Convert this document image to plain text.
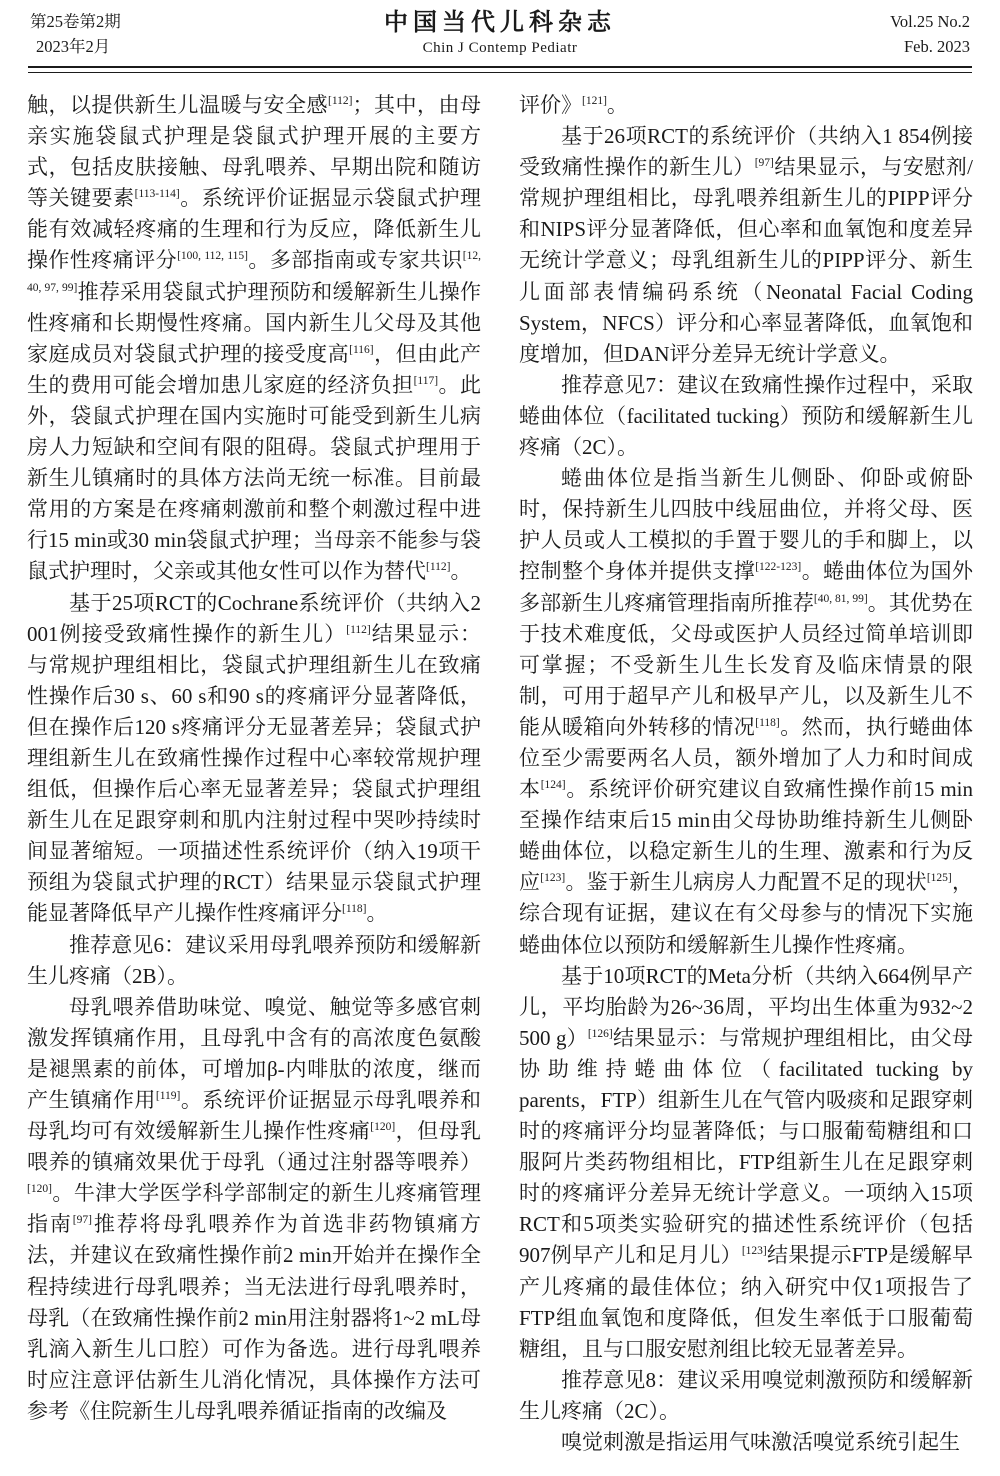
第25卷第2期
2023年2月
中国当代儿科杂志
Chin J Contemp Pediatr
Vol.25 No.2
Feb. 2023

触，以提供新生儿温暖与安全感[112]；其中，由母亲实施袋鼠式护理是袋鼠式护理开展的主要方式，包括皮肤接触、母乳喂养、早期出院和随访等关键要素[113-114]。系统评价证据显示袋鼠式护理能有效减轻疼痛的生理和行为反应，降低新生儿操作性疼痛评分[100, 112, 115]。多部指南或专家共识[12, 40, 97, 99]推荐采用袋鼠式护理预防和缓解新生儿操作性疼痛和长期慢性疼痛。国内新生儿父母及其他家庭成员对袋鼠式护理的接受度高[116]，但由此产生的费用可能会增加患儿家庭的经济负担[117]。此外，袋鼠式护理在国内实施时可能受到新生儿病房人力短缺和空间有限的阻碍。袋鼠式护理用于新生儿镇痛时的具体方法尚无统一标准。目前最常用的方案是在疼痛刺激前和整个刺激过程中进行15 min或30 min袋鼠式护理；当母亲不能参与袋鼠式护理时，父亲或其他女性可以作为替代[112]。

基于25项RCT的Cochrane系统评价（共纳入2 001例接受致痛性操作的新生儿）[112]结果显示：与常规护理组相比，袋鼠式护理组新生儿在致痛性操作后30 s、60 s和90 s的疼痛评分显著降低，但在操作后120 s疼痛评分无显著差异；袋鼠式护理组新生儿在致痛性操作过程中心率较常规护理组低，但操作后心率无显著差异；袋鼠式护理组新生儿在足跟穿刺和肌内注射过程中哭吵持续时间显著缩短。一项描述性系统评价（纳入19项干预组为袋鼠式护理的RCT）结果显示袋鼠式护理能显著降低早产儿操作性疼痛评分[118]。

推荐意见6：建议采用母乳喂养预防和缓解新生儿疼痛（2B）。

母乳喂养借助味觉、嗅觉、触觉等多感官刺激发挥镇痛作用，且母乳中含有的高浓度色氨酸是褪黑素的前体，可增加β-内啡肽的浓度，继而产生镇痛作用[119]。系统评价证据显示母乳喂养和母乳均可有效缓解新生儿操作性疼痛[120]，但母乳喂养的镇痛效果优于母乳（通过注射器等喂养）[120]。牛津大学医学科学部制定的新生儿疼痛管理指南[97]推荐将母乳喂养作为首选非药物镇痛方法，并建议在致痛性操作前2 min开始并在操作全程持续进行母乳喂养；当无法进行母乳喂养时，母乳（在致痛性操作前2 min用注射器将1~2 mL母乳滴入新生儿口腔）可作为备选。进行母乳喂养时应注意评估新生儿消化情况，具体操作方法可参考《住院新生儿母乳喂养循证指南的改编及

评价》[121]。

基于26项RCT的系统评价（共纳入1 854例接受致痛性操作的新生儿）[97]结果显示，与安慰剂/常规护理组相比，母乳喂养组新生儿的PIPP评分和NIPS评分显著降低，但心率和血氧饱和度差异无统计学意义；母乳组新生儿的PIPP评分、新生儿面部表情编码系统（Neonatal Facial Coding System，NFCS）评分和心率显著降低，血氧饱和度增加，但DAN评分差异无统计学意义。

推荐意见7：建议在致痛性操作过程中，采取蜷曲体位（facilitated tucking）预防和缓解新生儿疼痛（2C）。

蜷曲体位是指当新生儿侧卧、仰卧或俯卧时，保持新生儿四肢中线屈曲位，并将父母、医护人员或人工模拟的手置于婴儿的手和脚上，以控制整个身体并提供支撑[122-123]。蜷曲体位为国外多部新生儿疼痛管理指南所推荐[40, 81, 99]。其优势在于技术难度低，父母或医护人员经过简单培训即可掌握；不受新生儿生长发育及临床情景的限制，可用于超早产儿和极早产儿，以及新生儿不能从暖箱向外转移的情况[118]。然而，执行蜷曲体位至少需要两名人员，额外增加了人力和时间成本[124]。系统评价研究建议自致痛性操作前15 min至操作结束后15 min由父母协助维持新生儿侧卧蜷曲体位，以稳定新生儿的生理、激素和行为反应[123]。鉴于新生儿病房人力配置不足的现状[125]，综合现有证据，建议在有父母参与的情况下实施蜷曲体位以预防和缓解新生儿操作性疼痛。

基于10项RCT的Meta分析（共纳入664例早产儿，平均胎龄为26~36周，平均出生体重为932~2 500 g）[126]结果显示：与常规护理组相比，由父母协助维持蜷曲体位（facilitated tucking by parents，FTP）组新生儿在气管内吸痰和足跟穿刺时的疼痛评分均显著降低；与口服葡萄糖组和口服阿片类药物组相比，FTP组新生儿在足跟穿刺时的疼痛评分差异无统计学意义。一项纳入15项RCT和5项类实验研究的描述性系统评价（包括907例早产儿和足月儿）[123]结果提示FTP是缓解早产儿疼痛的最佳体位；纳入研究中仅1项报告了FTP组血氧饱和度降低，但发生率低于口服葡萄糖组，且与口服安慰剂组比较无显著差异。

推荐意见8：建议采用嗅觉刺激预防和缓解新生儿疼痛（2C）。

嗅觉刺激是指运用气味激活嗅觉系统引起生
